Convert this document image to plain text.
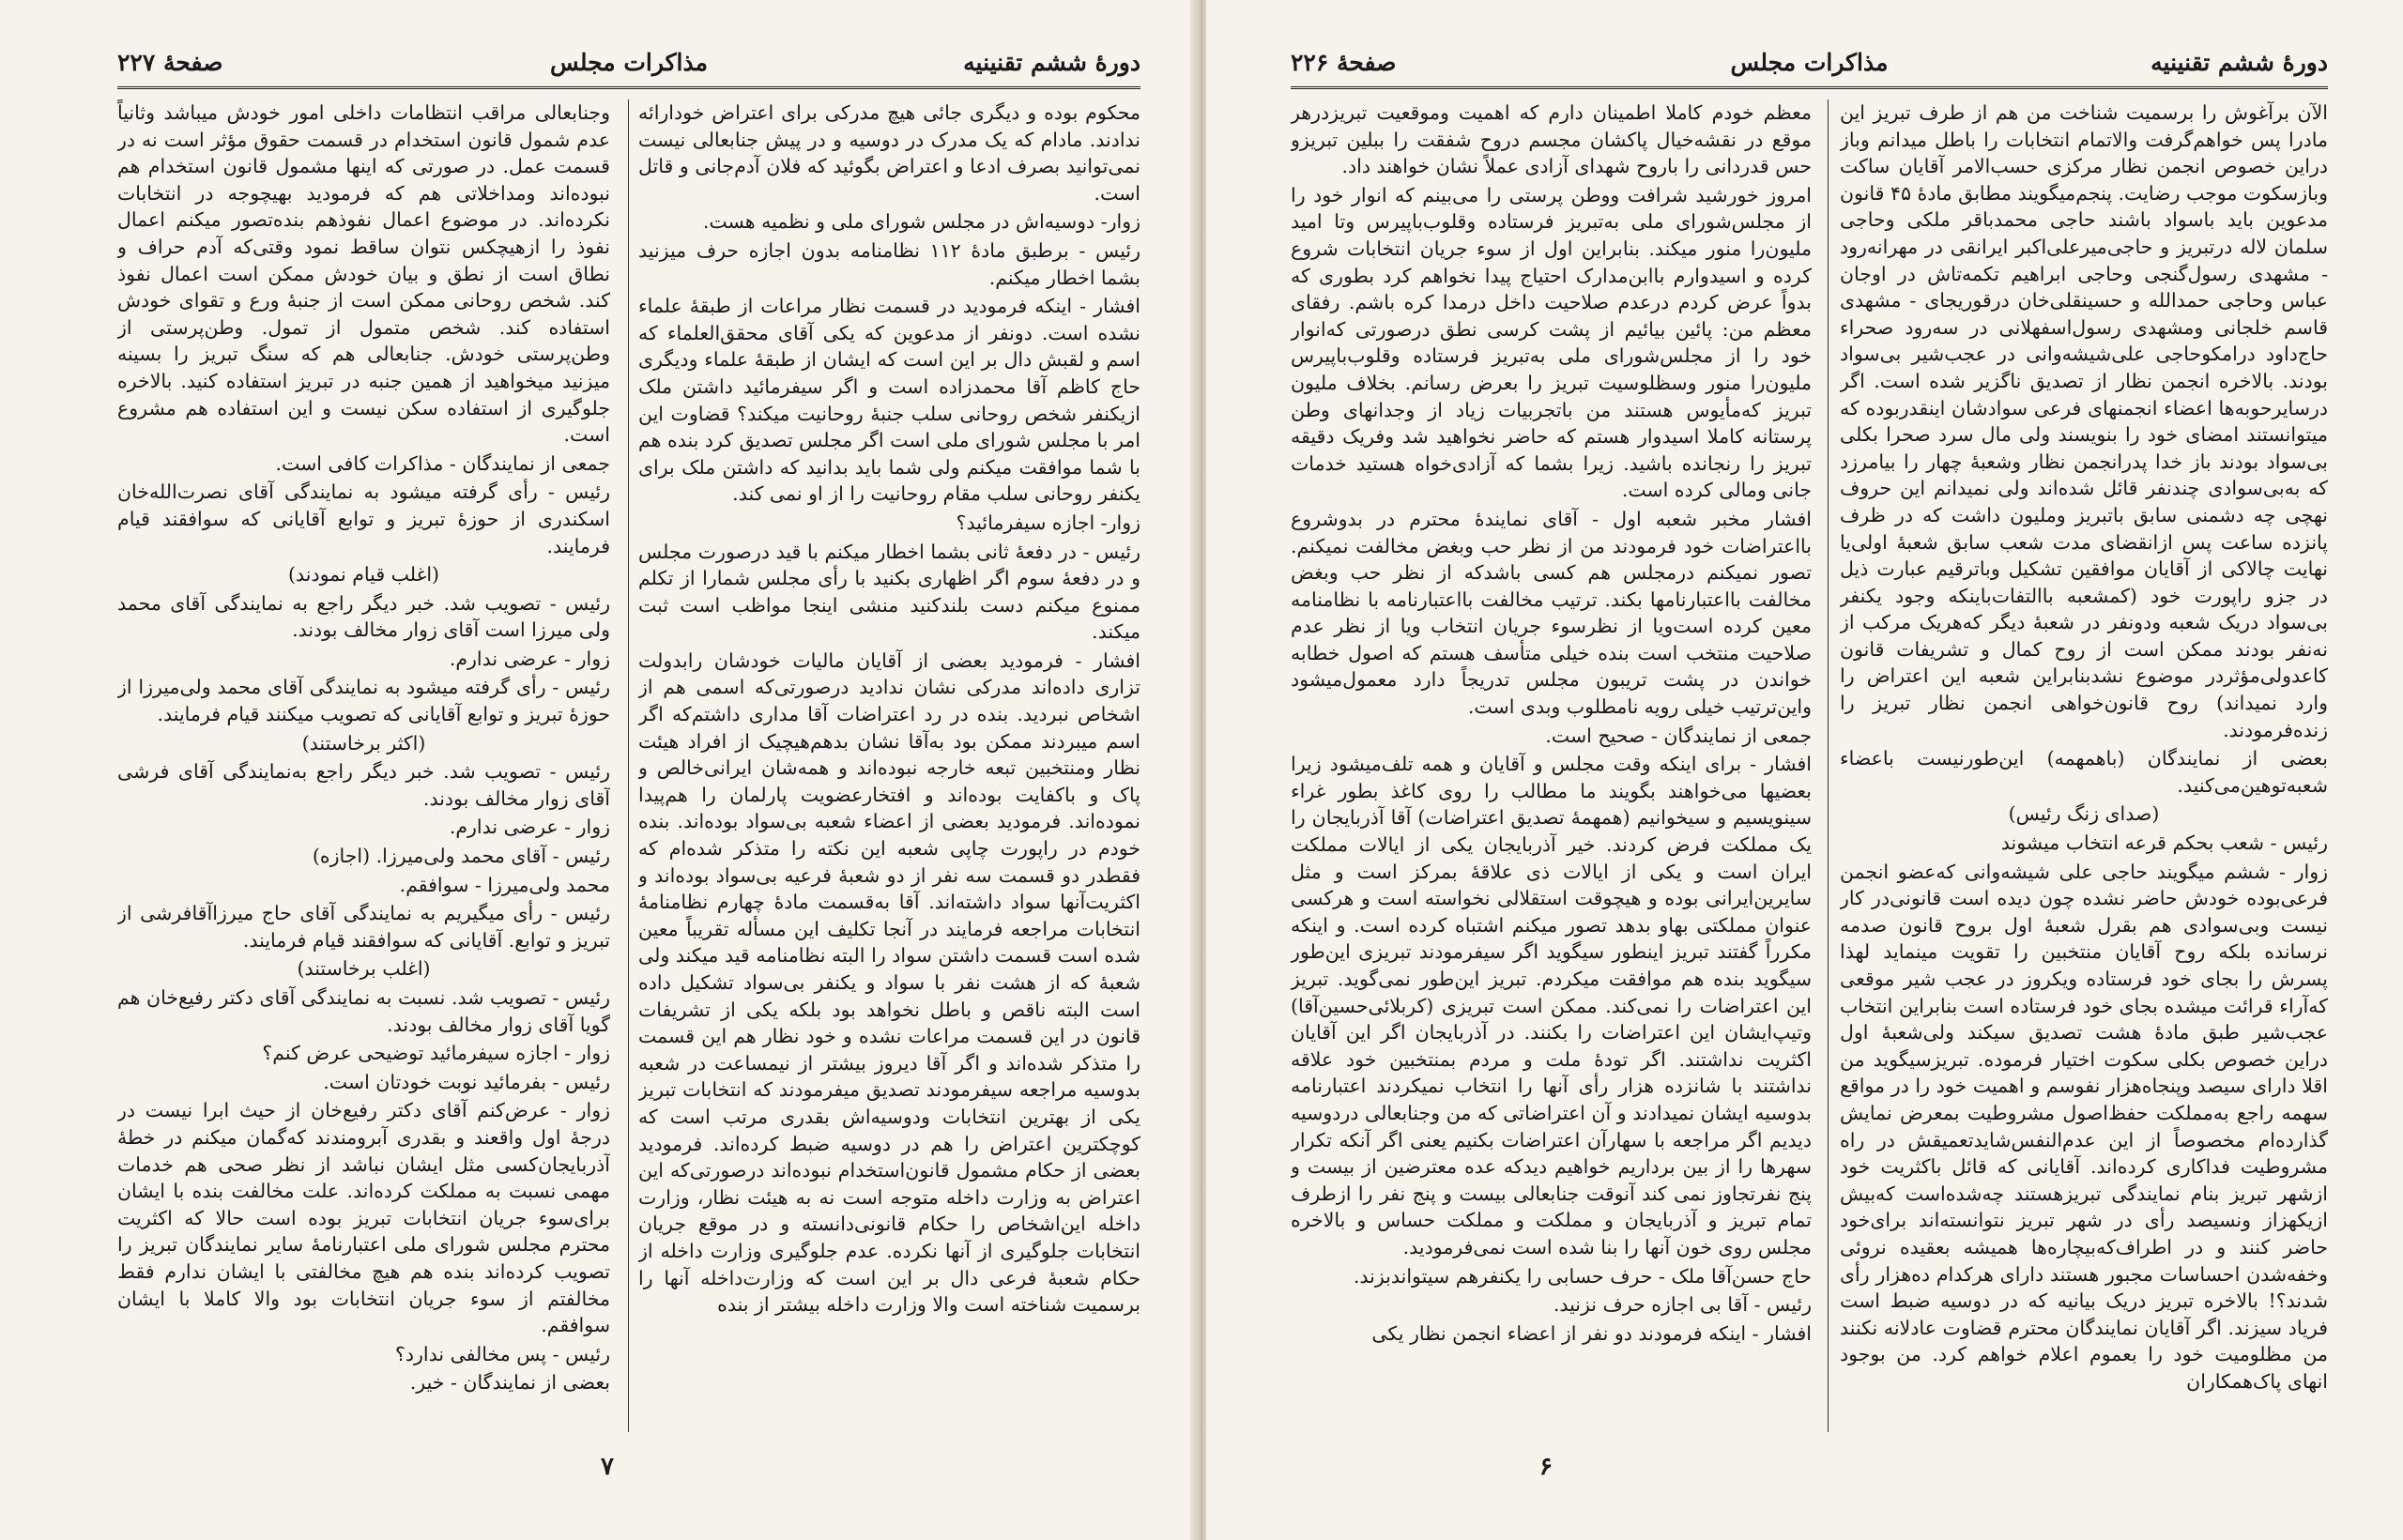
دورهٔ ششم تقنینیه
مذاکرات مجلس
صفحهٔ ۲۲۷

محکوم بوده و دیگری جائی هیچ مدرکی برای اعتراض خودارائه ندادند. مادام که یک مدرک در دوسیه و در پیش جنابعالی نیست نمی‌توانید بصرف ادعا و اعتراض بگوئید که فلان آدم‌جانی و قاتل است.

زوار- دوسیه‌اش در مجلس شورای ملی و نظمیه هست.

رئیس - برطبق مادهٔ ۱۱۲ نظامنامه بدون اجازه حرف میزنید بشما اخطار میکنم.

افشار - اینکه فرمودید در قسمت نظار مراعات از طبقهٔ علماء نشده است. دونفر از مدعوین که یکی آقای محقق‌العلماء که اسم و لقبش دال بر این است که ایشان از طبقهٔ علماء ودیگری حاج کاظم آقا محمدزاده است و اگر سیفرمائید داشتن ملک ازیکنفر شخص روحانی سلب جنبهٔ روحانیت میکند؟ قضاوت این امر با مجلس شورای ملی است اگر مجلس تصدیق کرد بنده هم با شما موافقت میکنم ولی شما باید بدانید که داشتن ملک برای یکنفر روحانی سلب مقام روحانیت را از او نمی کند.

زوار- اجازه سیفرمائید؟

رئیس - در دفعهٔ ثانی بشما اخطار میکنم با قید درصورت مجلس و در دفعهٔ سوم اگر اظهاری بکنید با رأی مجلس شمارا از تکلم ممنوع میکنم دست بلندکنید منشی اینجا مواظب است ثبت میکند.

افشار - فرمودید بعضی از آقایان مالیات خودشان رابدولت تزاری داده‌اند مدرکی نشان ندادید درصورتی‌که اسمی هم از اشخاص نبردید. بنده در رد اعتراضات آقا مداری داشتم‌که اگر اسم میبردند ممکن بود به‌آقا نشان بدهم‌هیچیک از افراد هیئت نظار ومنتخبین تبعه خارجه نبوده‌اند و همه‌شان ایرانی‌خالص و پاک و باکفایت بوده‌اند و افتخارعضویت پارلمان را هم‌پیدا نموده‌اند. فرمودید بعضی از اعضاء شعبه بی‌سواد بوده‌اند. بنده خودم در راپورت چاپی شعبه این نکته را متذکر شده‌ام که فقطدر دو قسمت سه نفر از دو شعبهٔ فرعیه بی‌سواد بوده‌اند و اکثریت‌آنها سواد داشته‌اند. آقا به‌قسمت مادهٔ چهارم نظامنامهٔ انتخابات مراجعه فرمایند در آنجا تکلیف این مسأله تقریباً معین شده است قسمت داشتن سواد را البته نظامنامه قید میکند ولی شعبهٔ که از هشت نفر با سواد و یکنفر بی‌سواد تشکیل داده است البته ناقص و باطل نخواهد بود بلکه یکی از تشریفات قانون در این قسمت مراعات نشده و خود نظار هم این قسمت را متذکر شده‌اند و اگر آقا دیروز بیشتر از نیمساعت در شعبه بدوسیه مراجعه سیفرمودند تصدیق میفرمودند که انتخابات تبریز یکی از بهترین انتخابات ودوسیه‌اش بقدری مرتب است که کوچکترین اعتراض را هم در دوسیه ضبط کرده‌اند. فرمودید بعضی از حکام مشمول قانون‌استخدام نبوده‌اند درصورتی‌که این اعتراض به وزارت داخله متوجه است نه به هیئت نظار، وزارت داخله این‌اشخاص را حکام قانونی‌دانسته و در موقع جریان انتخابات جلوگیری از آنها نکرده. عدم جلوگیری وزارت داخله از حکام شعبهٔ فرعی دال بر این است که وزارت‌داخله آنها را برسمیت شناخته است والا وزارت داخله بیشتر از بنده

وجنابعالی مراقب انتظامات داخلی امور خودش میباشد وثانیاً عدم شمول قانون استخدام در قسمت حقوق مؤثر است نه در قسمت عمل. در صورتی که اینها مشمول قانون استخدام هم نبوده‌اند ومداخلاتی هم که فرمودید بهیچوجه در انتخابات نکرده‌اند. در موضوع اعمال نفوذهم بنده‌تصور میکنم اعمال نفوذ را ازهیچکس نتوان ساقط نمود وقتی‌که آدم حراف و نطاق است از نطق و بیان خودش ممکن است اعمال نفوذ کند. شخص روحانی ممکن است از جنبهٔ ورع و تقوای خودش استفاده کند. شخص متمول از تمول. وطن‌پرستی از وطن‌پرستی خودش. جنابعالی هم که سنگ تبریز را بسینه میزنید میخواهید از همین جنبه در تبریز استفاده کنید. بالاخره جلوگیری از استفاده سکن نیست و این استفاده هم مشروع است.

جمعی از نمایندگان - مذاکرات کافی است.

رئیس - رأی گرفته میشود به نمایندگی آقای نصرت‌الله‌خان اسکندری از حوزهٔ تبریز و توابع آقایانی که سوافقند قیام فرمایند.

(اغلب قیام نمودند)

رئیس - تصویب شد. خبر دیگر راجع به نمایندگی آقای محمد ولی میرزا است آقای زوار مخالف بودند.

زوار - عرضی ندارم.

رئیس - رأی گرفته میشود به نمایندگی آقای محمد ولی‌میرزا از حوزهٔ تبریز و توابع آقایانی که تصویب میکنند قیام فرمایند.

(اکثر برخاستند)

رئیس - تصویب شد. خبر دیگر راجع به‌نمایندگی آقای فرشی آقای زوار مخالف بودند.

زوار - عرضی ندارم.

رئیس - آقای محمد ولی‌میرزا. (اجازه)

محمد ولی‌میرزا - سوافقم.

رئیس - رأی میگیریم به نمایندگی آقای حاج میرزاآقافرشی از تبریز و توابع. آقایانی که سوافقند قیام فرمایند.

(اغلب برخاستند)

رئیس - تصویب شد. نسبت به نمایندگی آقای دکتر رفیع‌خان هم گویا آقای زوار مخالف بودند.

زوار - اجازه سیفرمائید توضیحی عرض کنم؟

رئیس - بفرمائید نوبت خودتان است.

زوار - عرض‌کنم آقای دکتر رفیع‌خان از حیث ابرا نیست در درجهٔ اول واقعند و بقدری آبرومندند که‌گمان میکنم در خطهٔ آذربایجان‌کسی مثل ایشان نباشد از نظر صحی هم خدمات مهمی نسبت به مملکت کرده‌اند. علت مخالفت بنده با ایشان برای‌سوء جریان انتخابات تبریز بوده است حالا که اکثریت محترم مجلس شورای ملی اعتبارنامهٔ سایر نمایندگان تبریز را تصویب کرده‌اند بنده هم هیچ مخالفتی با ایشان ندارم فقط مخالفتم از سوء جریان انتخابات بود والا کاملا با ایشان سوافقم.

رئیس - پس مخالفی ندارد؟

بعضی از نمایندگان - خیر.

۷
دورهٔ ششم تقنینیه
مذاکرات مجلس
صفحهٔ ۲۲۶

الآن برآغوش را برسمیت شناخت من هم از طرف تبریز این مادرا پس خواهم‌گرفت والاتمام انتخابات را باطل میدانم وباز دراین خصوص انجمن نظار مرکزی حسب‌الامر آقایان ساکت وبازسکوت موجب رضایت. پنجم‌میگویند مطابق مادهٔ ۴۵ قانون مدعوین باید باسواد باشند حاجی محمدباقر ملکی وحاجی سلمان لاله درتبریز و حاجی‌میرعلی‌اکبر ایرانقی در مهرانه‌رود - مشهدی رسول‌گنجی وحاجی ابراهیم تکمه‌تاش در اوجان عباس وحاجی حمدالله و حسینقلی‌خان درقوریجای - مشهدی قاسم خلجانی ومشهدی رسول‌اسفهلانی در سه‌رود صحراء حاج‌داود درامکوحاجی علی‌شیشه‌وانی در عجب‌شیر بی‌سواد بودند. بالاخره انجمن نظار از تصدیق ناگزیر شده است. اگر درسایرحوبه‌ها اعضاء انجمنهای فرعی سوادشان اینقدربوده که میتوانستند امضای خود را بنویسند ولی مال سرد صحرا بکلی بی‌سواد بودند باز خدا پدرانجمن نظار وشعبهٔ چهار را بیامرزد که به‌بی‌سوادی چندنفر قائل شده‌اند ولی نمیدانم این حروف نهچی چه دشمنی سابق باتبریز وملیون داشت که در ظرف پانزده ساعت پس ازانقضای مدت شعب سابق شعبهٔ اولی‌یا نهایت چالاکی از آقایان موافقین تشکیل وباترقیم عبارت ذیل در جزو راپورت خود (کمشعبه باالتفات‌باینکه وجود یکنفر بی‌سواد دریک شعبه ودونفر در شعبهٔ دیگر که‌هریک مرکب از نه‌نفر بودند ممکن است از روح کمال و تشریفات قانون کاعدولی‌مؤثردر موضوع نشدبنابراین شعبه این اعتراض را وارد نمیداند) روح قانون‌خواهی انجمن نظار تبریز را زنده‌فرمودند.

بعضی از نمایندگان (باهمهمه) این‌طورنیست باعضاء شعبه‌توهین‌می‌کنید.

(صدای زنگ رئیس)

رئیس - شعب بحکم قرعه انتخاب میشوند

زوار - ششم میگویند حاجی علی شیشه‌وانی که‌عضو انجمن فرعی‌بوده خودش حاضر نشده چون دیده است قانونی‌در کار نیست وبی‌سوادی هم بقرل شعبهٔ اول بروح قانون صدمه نرسانده بلکه روح آقایان منتخبین را تقویت مینماید لهذا پسرش را بجای خود فرستاده ویکروز در عجب شیر موقعی که‌آراء قرائت میشده بجای خود فرستاده است بنابراین انتخاب عجب‌شیر طبق مادهٔ هشت تصدیق سیکند ولی‌شعبهٔ اول دراین خصوص بکلی سکوت اختیار فرموده. تبریزسیگوید من اقلا دارای سیصد وپنجاه‌هزار نفوسم و اهمیت خود را در مواقع سهمه راجع به‌مملکت حفظ‌اصول مشروطیت بمعرض نمایش گذارده‌ام مخصوصاً از این عدم‌النفس‌شایدتعمیقش در راه مشروطیت فداکاری کرده‌اند. آقایانی که قائل باکثریت خود ازشهر تبریز بنام نمایندگی تبریزهستند چه‌شده‌است که‌بیش ازیکهزاز ونسیصد رأی در شهر تبریز نتوانسته‌اند برای‌خود حاضر کنند و در اطراف‌که‌بیچاره‌ها همیشه بعقیده نروئی وخفه‌شدن احساسات مجبور هستند دارای هرکدام ده‌هزار رأی شدند؟! بالاخره تبریز دریک بیانیه که در دوسیه ضبط است فریاد سیزند. اگر آقایان نمایندگان محترم قضاوت عادلانه نکنند من مظلومیت خود را بعموم اعلام خواهم کرد. من بوجود انهای پاک‌همکاران

معظم خودم کاملا اطمینان دارم که اهمیت وموقعیت تبریزدرهر موقع در نقشه‌خیال پاکشان مجسم دروح شفقت را ببلین تبریزو حس قدردانی را باروح شهدای آزادی عملاً نشان خواهند داد.

امروز خورشید شرافت ووطن پرستی را می‌بینم که انوار خود را از مجلس‌شورای ملی به‌تبریز فرستاده وقلوب‌باپیرس وتا امید ملیون‌را منور میکند. بنابراین اول از سوء جریان انتخابات شروع کرده و اسیدوارم باابن‌مدارک احتیاج پیدا نخواهم کرد بطوری که بدواً عرض کردم درعدم صلاحیت داخل درمدا کره باشم. رفقای معظم من: پائین بیائیم از پشت کرسی نطق درصورتی که‌انوار خود را از مجلس‌شورای ملی به‌تبریز فرستاده وقلوب‌باپیرس ملیون‌را منور وسظلوسیت تبریز را بعرض رسانم. بخلاف ملیون تبریز که‌مأیوس هستند من باتجربیات زیاد از وجدانهای وطن پرستانه کاملا اسیدوار هستم که حاضر نخواهید شد وفریک دقیقه تبریز را رنجانده باشید. زیرا بشما که آزادی‌خواه هستید خدمات جانی ومالی کرده است.

افشار مخبر شعبه اول - آقای نمایندهٔ محترم در بدوشروع بااعتراضات خود فرمودند من از نظر حب وبغض مخالفت نمیکنم. تصور نمیکنم درمجلس هم کسی باشدکه از نظر حب وبغض مخالفت بااعتبارنامها بکند. ترتیب مخالفت بااعتبارنامه با نظامنامه معین کرده است‌ویا از نظرسوء جریان انتخاب ویا از نظر عدم صلاحیت منتخب است بنده خیلی متأسف هستم که اصول خطابه خواندن در پشت تریبون مجلس تدریجاً دارد معمول‌میشود واین‌ترتیب خیلی رویه نامطلوب وبدی است.

جمعی از نمایندگان - صحیح است.

افشار - برای اینکه وقت مجلس و آقایان و همه تلف‌میشود زیرا بعضیها می‌خواهند بگویند ما مطالب را روی کاغذ بطور غراء سینویسیم و سیخوانیم (همهمهٔ تصدیق اعتراضات) آقا آذربایجان را یک مملکت فرض کردند. خیر آذربایجان یکی از ایالات مملکت ایران است و یکی از ایالات ذی علاقهٔ بمرکز است و مثل سایرین‌ایرانی بوده و هیچوقت استقلالی نخواسته است و هرکسی عنوان مملکتی بهاو بدهد تصور میکنم اشتباه کرده است. و اینکه مکرراً گفتند تبریز اینطور سیگوید اگر سیفرمودند تبریزی این‌طور سیگوید بنده هم موافقت میکردم. تبریز این‌طور نمی‌گوید. تبریز این اعتراضات را نمی‌کند. ممکن است تبریزی (کربلائی‌حسین‌آقا) وتیپ‌ایشان این اعتراضات را بکنند. در آذربایجان اگر این آقایان اکثریت نداشتند. اگر تودهٔ ملت و مردم بمنتخبین خود علاقه نداشتند با شانزده هزار رأی آنها را انتخاب نمیکردند اعتبارنامه بدوسیه ایشان نمیدادند و آن اعتراضاتی که من وجنابعالی دردوسیه دیدیم اگر مراجعه با سهارآن اعتراضات بکنیم یعنی اگر آنکه تکرار سهرها را از بین برداریم خواهیم دیدکه عده معترضین از بیست و پنج نفرتجاوز نمی کند آنوقت جنابعالی بیست و پنج نفر را ازطرف تمام تبریز و آذربایجان و مملکت و مملکت حساس و بالاخره مجلس روی خون آنها را بنا شده است نمی‌فرمودید.

حاج حسن‌آقا ملک - حرف حسابی را یکنفرهم سیتواندبزند.

رئیس - آقا بی اجازه حرف نزنید.

افشار - اینکه فرمودند دو نفر از اعضاء انجمن نظار یکی

۶
